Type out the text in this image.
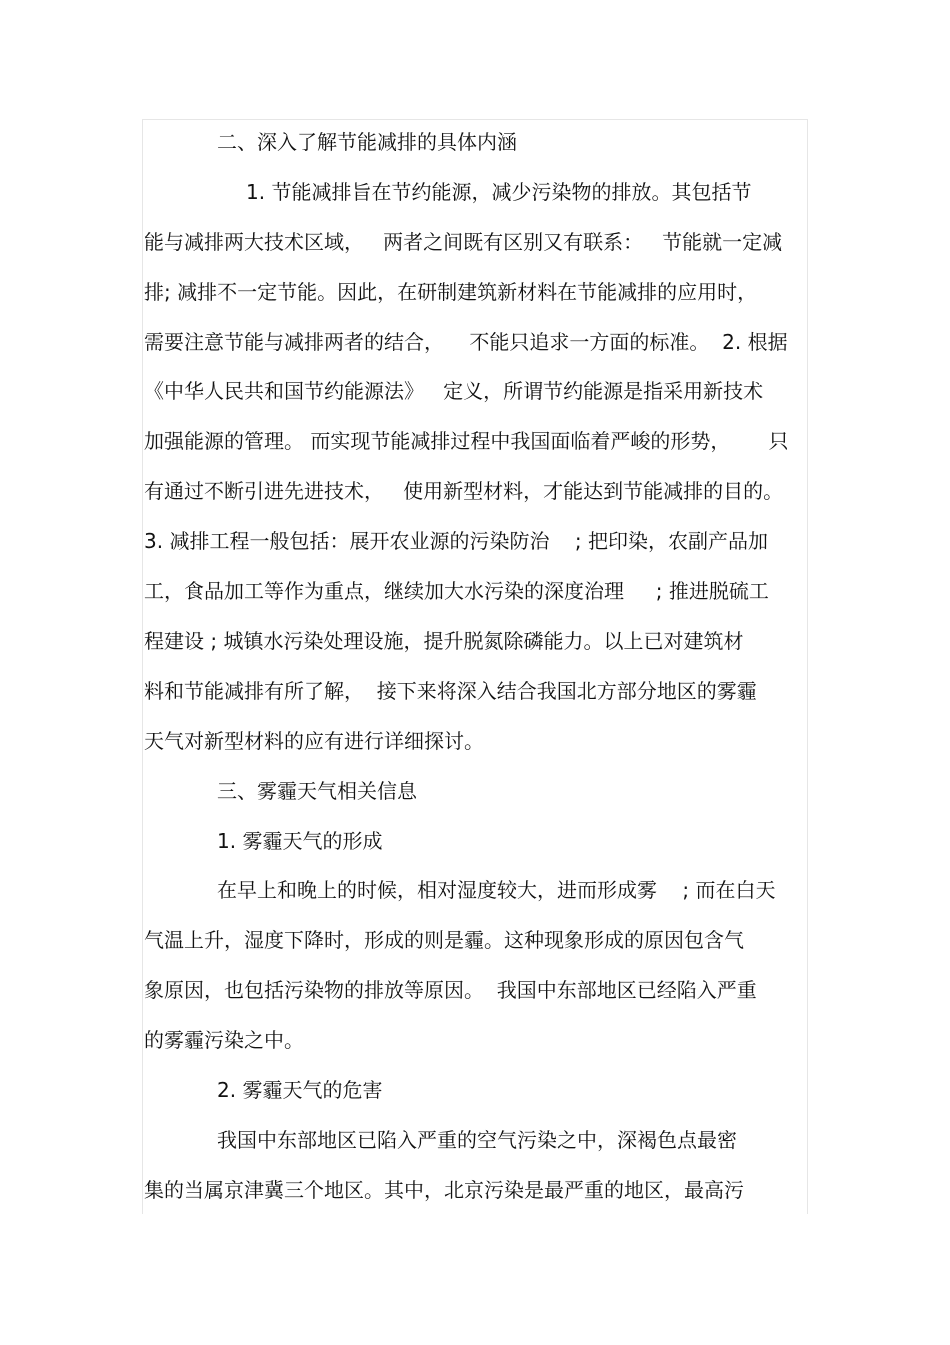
二、深入了解节能减排的具体内涵
1. 节能减排旨在节约能源，减少污染物的排放。其包括节
能与减排两大技术区域，   两者之间既有区别又有联系：   节能就一定减
排; 减排不一定节能。因此，在研制建筑新材料在节能减排的应用时，
需要注意节能与减排两者的结合，    不能只追求一方面的标准。  2. 根据
《中华人民共和国节约能源法》   定义，所谓节约能源是指采用新技术
加强能源的管理。 而实现节能减排过程中我国面临着严峻的形势，      只
有通过不断引进先进技术，   使用新型材料，才能达到节能减排的目的。
3. 减排工程一般包括：展开农业源的污染防治    ; 把印染，农副产品加
工，食品加工等作为重点，继续加大水污染的深度治理     ; 推进脱硫工
程建设 ; 城镇水污染处理设施，提升脱氮除磷能力。以上已对建筑材
料和节能减排有所了解，  接下来将深入结合我国北方部分地区的雾霾
天气对新型材料的应有进行详细探讨。
三、雾霾天气相关信息
1. 雾霾天气的形成
在早上和晚上的时候，相对湿度较大，进而形成雾    ; 而在白天
气温上升，湿度下降时，形成的则是霾。这种现象形成的原因包含气
象原因，也包括污染物的排放等原因。  我国中东部地区已经陷入严重
的雾霾污染之中。
2. 雾霾天气的危害
我国中东部地区已陷入严重的空气污染之中，深褐色点最密
集的当属京津冀三个地区。其中，北京污染是最严重的地区，最高污
